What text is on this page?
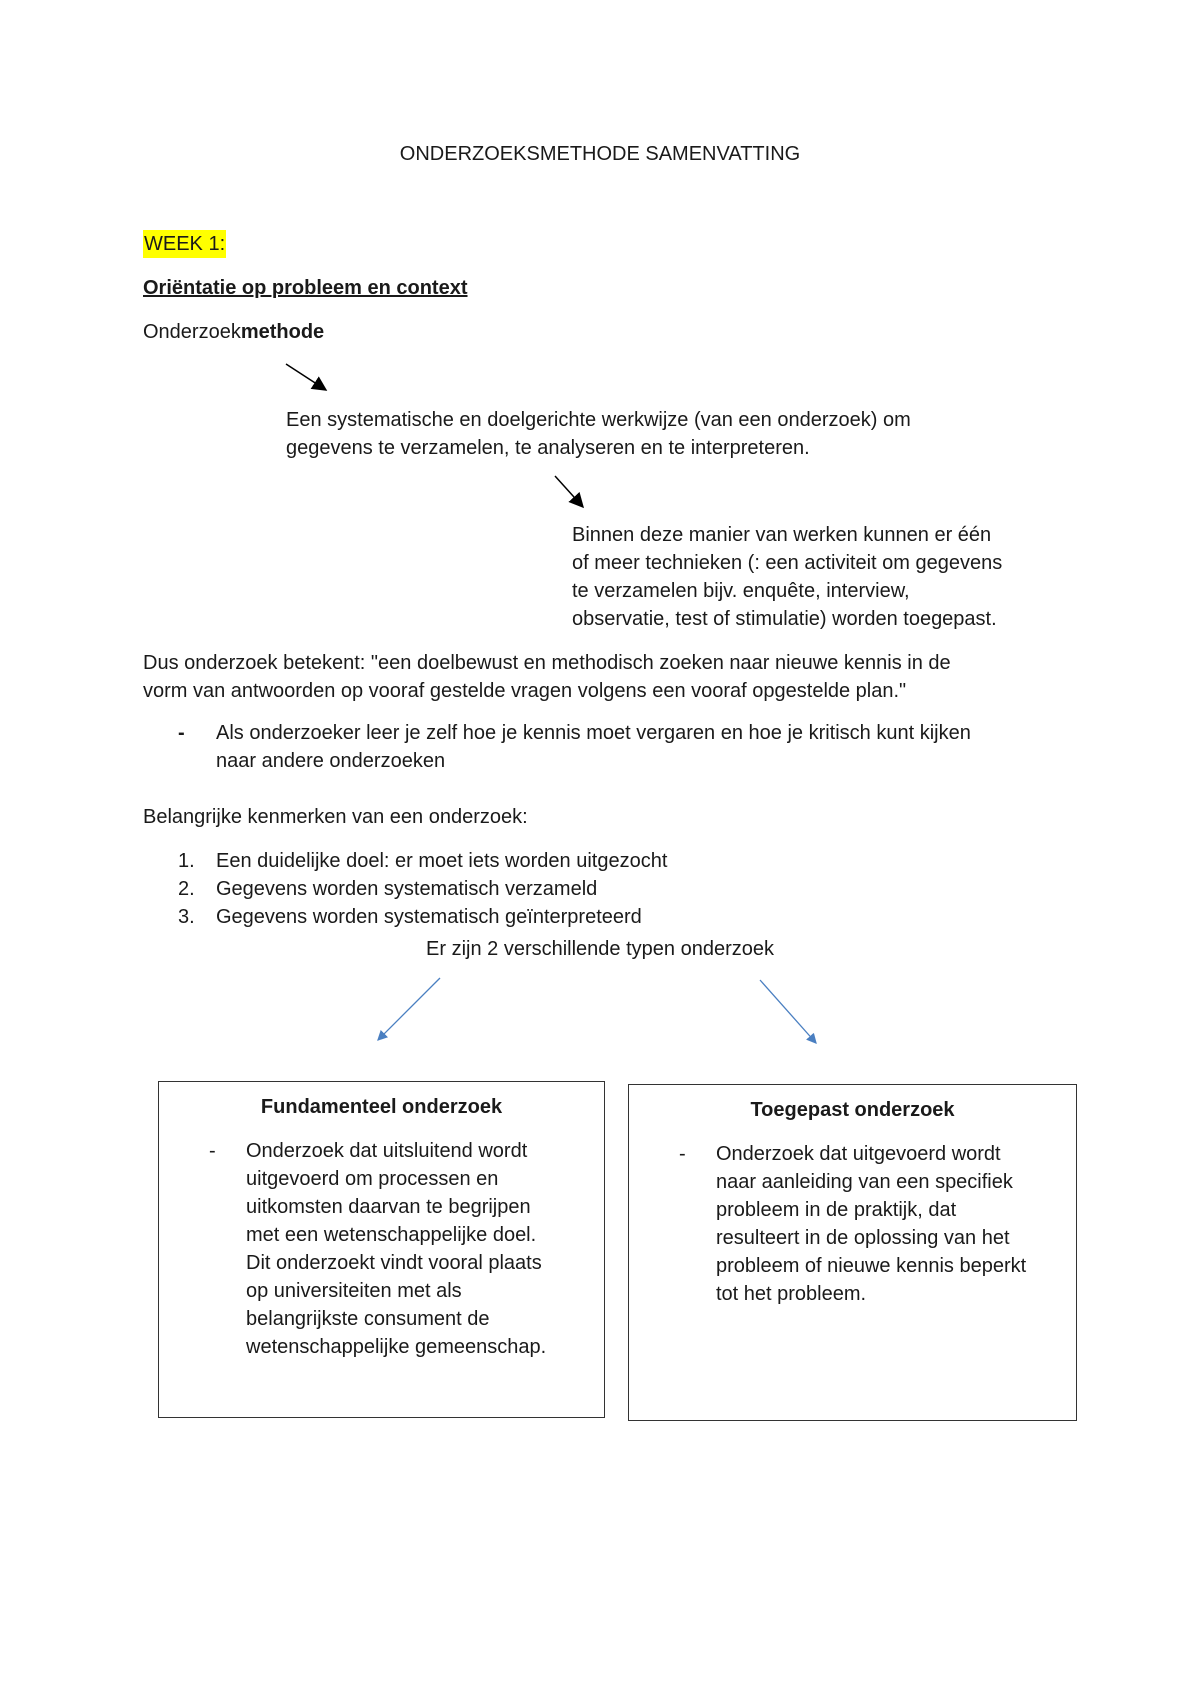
ONDERZOEKSMETHODE SAMENVATTING
WEEK 1:
Oriëntatie op probleem en context
Onderzoekmethode
Een systematische en doelgerichte werkwijze (van een onderzoek) om
gegevens te verzamelen, te analyseren en te interpreteren.
Binnen deze manier van werken kunnen er één
of meer technieken (: een activiteit om gegevens
te verzamelen bijv. enquête, interview,
observatie, test of stimulatie) worden toegepast.
Dus onderzoek betekent: "een doelbewust en methodisch zoeken naar nieuwe kennis in de
vorm van antwoorden op vooraf gestelde vragen volgens een vooraf opgestelde plan."
- Als onderzoeker leer je zelf hoe je kennis moet vergaren en hoe je kritisch kunt kijken
naar andere onderzoeken
Belangrijke kenmerken van een onderzoek:
1. Een duidelijke doel: er moet iets worden uitgezocht
2. Gegevens worden systematisch verzameld
3. Gegevens worden systematisch geïnterpreteerd
Er zijn 2 verschillende typen onderzoek
Fundamenteel onderzoek
- Onderzoek dat uitsluitend wordt
uitgevoerd om processen en
uitkomsten daarvan te begrijpen
met een wetenschappelijke doel.
Dit onderzoekt vindt vooral plaats
op universiteiten met als
belangrijkste consument de
wetenschappelijke gemeenschap.
Toegepast onderzoek
- Onderzoek dat uitgevoerd wordt
naar aanleiding van een specifiek
probleem in de praktijk, dat
resulteert in de oplossing van het
probleem of nieuwe kennis beperkt
tot het probleem.
